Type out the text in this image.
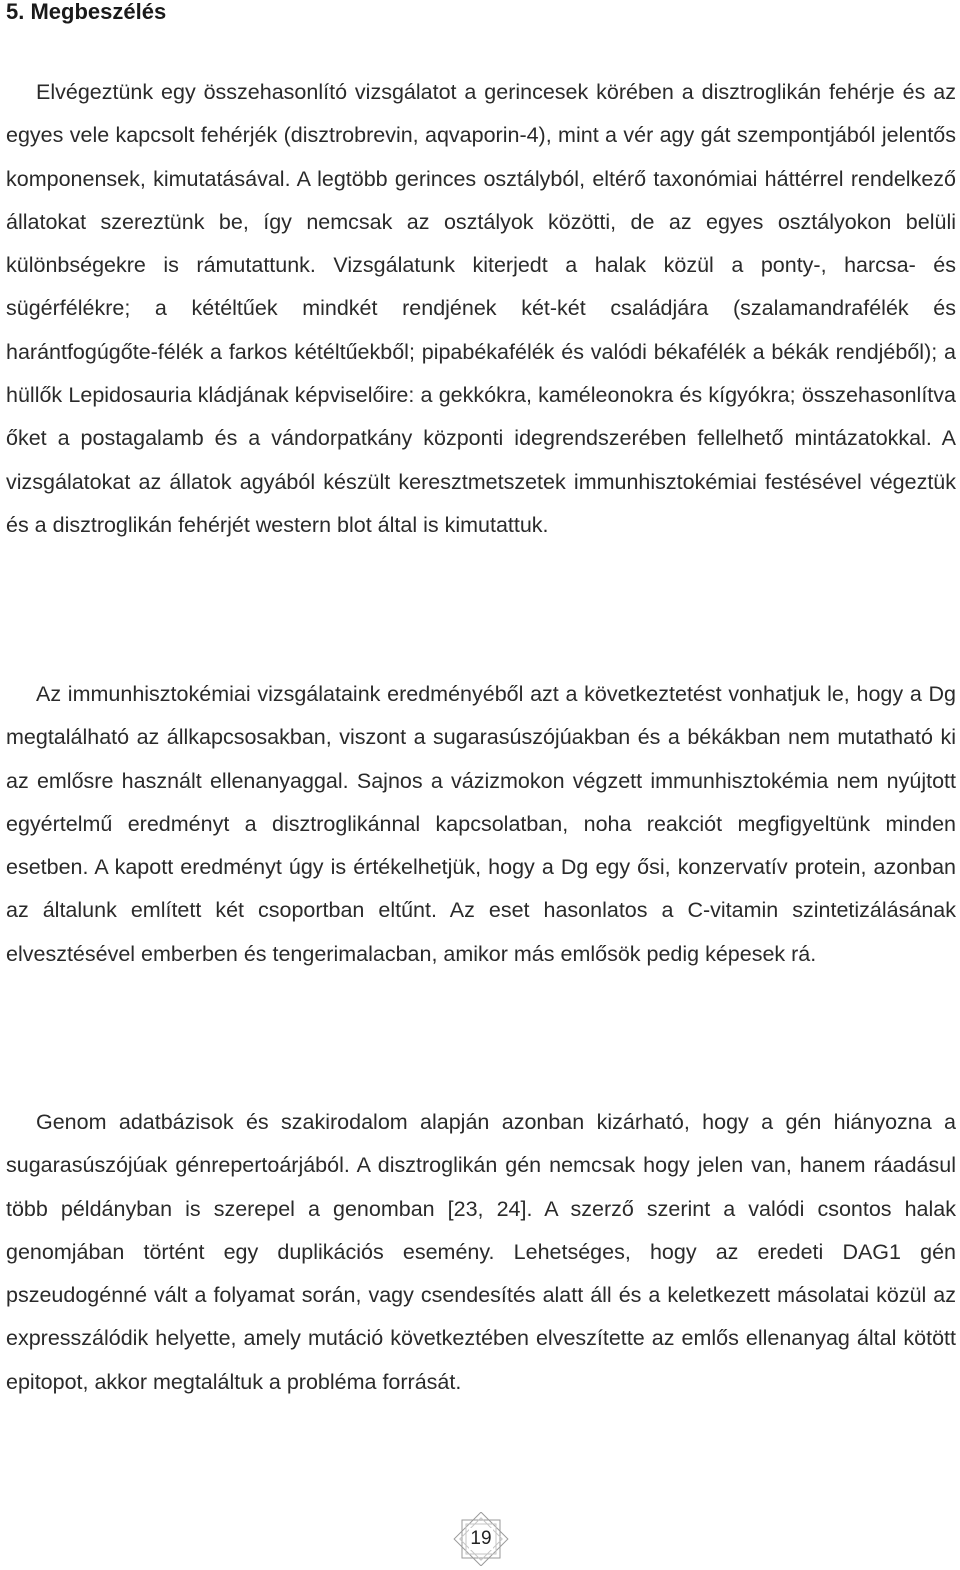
5. Megbeszélés

Elvégeztünk egy összehasonlító vizsgálatot a gerincesek körében a disztroglikán fehérje és az egyes vele kapcsolt fehérjék (disztrobrevin, aqvaporin-4), mint a vér agy gát szempontjából jelentős komponensek, kimutatásával. A legtöbb gerinces osztályból, eltérő taxonómiai háttérrel rendelkező állatokat szereztünk be, így nemcsak az osztályok közötti, de az egyes osztályokon belüli különbségekre is rámutattunk. Vizsgálatunk kiterjedt a halak közül a ponty-, harcsa- és sügérfélékre; a kétéltűek mindkét rendjének két-két családjára (szalamandrafélék és harántfogúgőte-félék a farkos kétéltűekből; pipabékafélék és valódi békafélék a békák rendjéből); a hüllők Lepidosauria kládjának képviselőire: a gekkókra, kaméleonokra és kígyókra; összehasonlítva őket a postagalamb és a vándorpatkány központi idegrendszerében fellelhető mintázatokkal. A vizsgálatokat az állatok agyából készült keresztmetszetek immunhisztokémiai festésével végeztük és a disztroglikán fehérjét western blot által is kimutattuk.

Az immunhisztokémiai vizsgálataink eredményéből azt a következtetést vonhatjuk le, hogy a Dg megtalálható az állkapcsosakban, viszont a sugarasúszójúakban és a békákban nem mutatható ki az emlősre használt ellenanyaggal. Sajnos a vázizmokon végzett immunhisztokémia nem nyújtott egyértelmű eredményt a disztroglikánnal kapcsolatban, noha reakciót megfigyeltünk minden esetben. A kapott eredményt úgy is értékelhetjük, hogy a Dg egy ősi, konzervatív protein, azonban az általunk említett két csoportban eltűnt. Az eset hasonlatos a C-vitamin szintetizálásának elvesztésével emberben és tengerimalacban, amikor más emlősök pedig képesek rá.

Genom adatbázisok és szakirodalom alapján azonban kizárható, hogy a gén hiányozna a sugarasúszójúak génrepertoárjából. A disztroglikán gén nemcsak hogy jelen van, hanem ráadásul több példányban is szerepel a genomban [23, 24]. A szerző szerint a valódi csontos halak genomjában történt egy duplikációs esemény. Lehetséges, hogy az eredeti DAG1 gén pszeudogénné vált a folyamat során, vagy csendesítés alatt áll és a keletkezett másolatai közül az expresszálódik helyette, amely mutáció következtében elveszítette az emlős ellenanyag által kötött epitopot, akkor megtaláltuk a probléma forrását.

19
